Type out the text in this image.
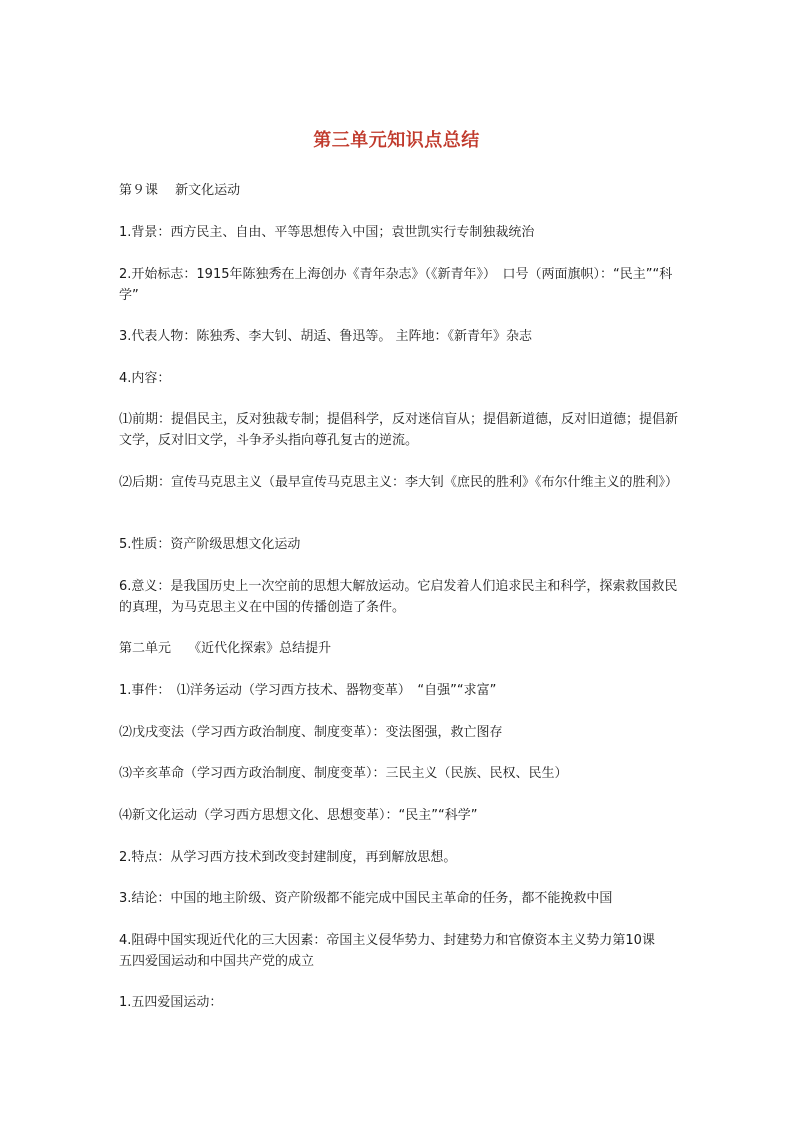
第三单元知识点总结
第９课　 新文化运动
1.背景：西方民主、自由、平等思想传入中国；袁世凯实行专制独裁统治
2.开始标志：1915年陈独秀在上海创办《青年杂志》（《新青年》）　口号（两面旗帜）：“民主”“科学”
3.代表人物：陈独秀、李大钊、胡适、鲁迅等。 主阵地：《新青年》杂志
4.内容：
⑴前期：提倡民主，反对独裁专制；提倡科学，反对迷信盲从；提倡新道德，反对旧道德；提倡新文学，反对旧文学，斗争矛头指向尊孔复古的逆流。
⑵后期：宣传马克思主义（最早宣传马克思主义：李大钊《庶民的胜利》《布尔什维主义的胜利》）
5.性质：资产阶级思想文化运动
6.意义：是我国历史上一次空前的思想大解放运动。它启发着人们追求民主和科学，探索救国救民的真理，为马克思主义在中国的传播创造了条件。
第二单元　 《近代化探索》总结提升
1.事件：　⑴洋务运动（学习西方技术、器物变革）　“自强”“求富”
⑵戊戌变法（学习西方政治制度、制度变革）：变法图强，救亡图存
⑶辛亥革命（学习西方政治制度、制度变革）：三民主义（民族、民权、民生）
⑷新文化运动（学习西方思想文化、思想变革）：“民主”“科学”
2.特点：从学习西方技术到改变封建制度，再到解放思想。
3.结论：中国的地主阶级、资产阶级都不能完成中国民主革命的任务，都不能挽救中国
4.阻碍中国实现近代化的三大因素：帝国主义侵华势力、封建势力和官僚资本主义势力第10课　 五四爱国运动和中国共产党的成立
1.五四爱国运动：
